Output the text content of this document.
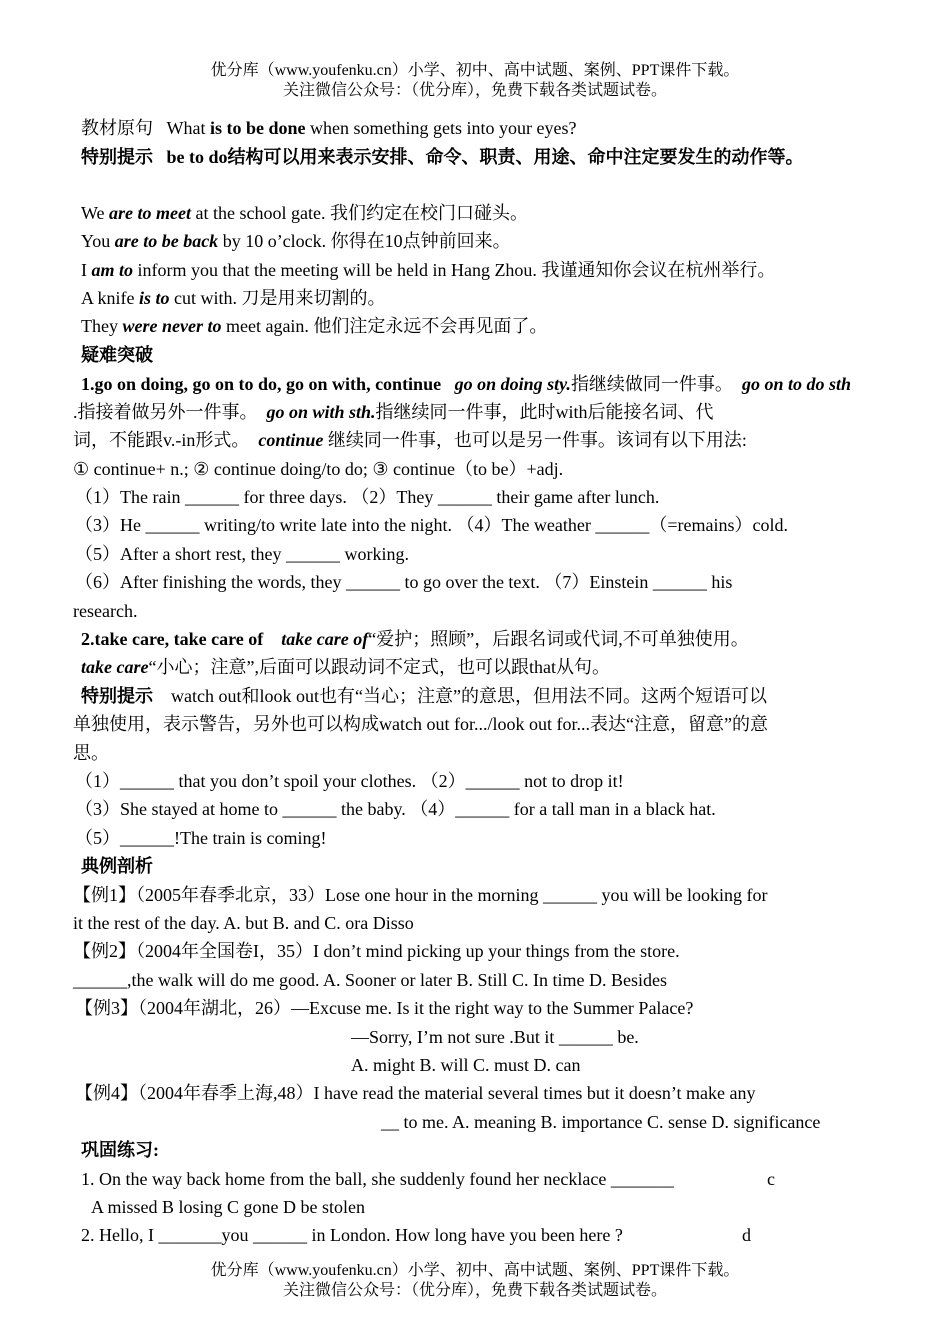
优分库（www.youfenku.cn）小学、初中、高中试题、案例、PPT课件下载。
关注微信公众号：（优分库），免费下载各类试题试卷。
教材原句 What is to be done when something gets into your eyes?
特别提示 be to do结构可以用来表示安排、命令、职责、用途、命中注定要发生的动作等。
We are to meet at the school gate. 我们约定在校门口碰头。
You are to be back by 10 o’clock. 你得在10点钟前回来。
I am to inform you that the meeting will be held in Hang Zhou. 我谨通知你会议在杭州举行。
A knife is to cut with. 刀是用来切割的。
They were never to meet again. 他们注定永远不会再见面了。
疑难突破
1.go on doing, go on to do, go on with, continue go on doing sty.指继续做同一件事。 go on to do sth
.指接着做另外一件事。 go on with sth.指继续同一件事，此时with后能接名词、代
词，不能跟v.-in形式。 continue 继续同一件事，也可以是另一件事。该词有以下用法:
① continue+ n.; ② continue doing/to do; ③ continue（to be）+adj.
（1）The rain ______ for three days. （2）They ______ their game after lunch.
（3）He ______ writing/to write late into the night. （4）The weather ______（=remains）cold.
（5）After a short rest, they ______ working.
（6）After finishing the words, they ______ to go over the text. （7）Einstein ______ his
research.
2.take care, take care of take care of“爱护；照顾”，后跟名词或代词,不可单独使用。
take care“小心；注意”,后面可以跟动词不定式，也可以跟that从句。
特别提示 watch out和look out也有“当心；注意”的意思，但用法不同。这两个短语可以
单独使用，表示警告，另外也可以构成watch out for.../look out for...表达“注意，留意”的意
思。
（1）______ that you don’t spoil your clothes. （2）______ not to drop it!
（3）She stayed at home to ______ the baby. （4）______ for a tall man in a black hat.
（5）______!The train is coming!
典例剖析
【例1】（2005年春季北京，33）Lose one hour in the morning ______ you will be looking for
it the rest of the day. A. but B. and C. ora Disso
【例2】（2004年全国卷I，35）I don’t mind picking up your things from the store.
______,the walk will do me good. A. Sooner or later B. Still C. In time D. Besides
【例3】（2004年湖北，26）—Excuse me. Is it the right way to the Summer Palace?
—Sorry, I’m not sure .But it ______ be.
A. might B. will C. must D. can
【例4】（2004年春季上海,48）I have read the material several times but it doesn’t make any
__ to me. A. meaning B. importance C. sense D. significance
巩固练习:
1. On the way back home from the ball, she suddenly found her necklace _______	c
A missed B losing C gone D be stolen
2. Hello, I _______you ______ in London. How long have you been here ?	d
优分库（www.youfenku.cn）小学、初中、高中试题、案例、PPT课件下载。
关注微信公众号：（优分库），免费下载各类试题试卷。
